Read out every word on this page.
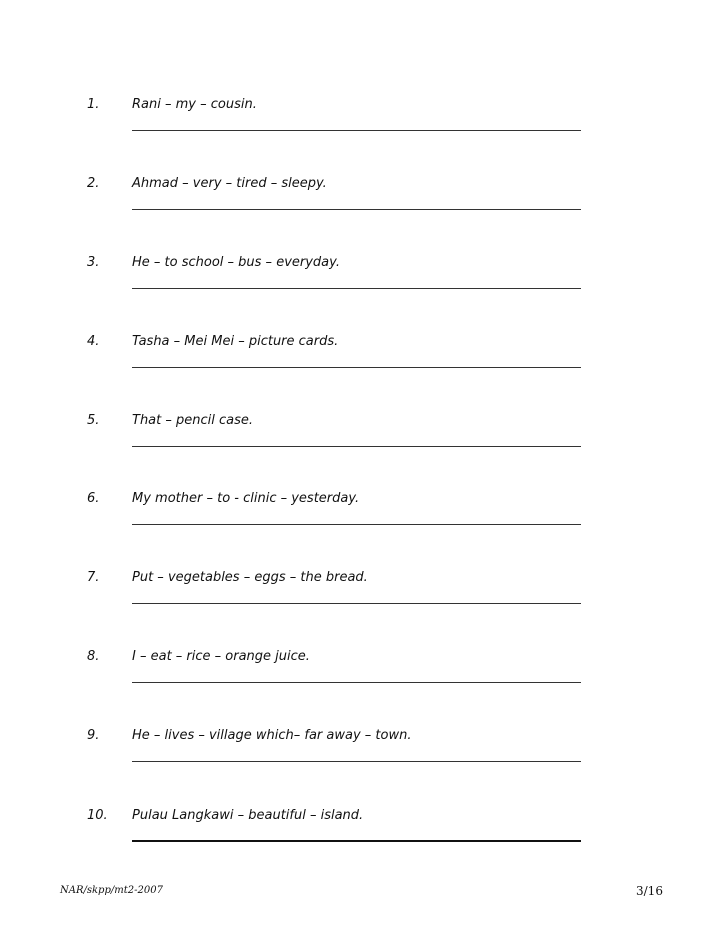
1.	Rani – my – cousin.
2.	Ahmad – very – tired – sleepy.
3.	He – to school – bus – everyday.
4.	Tasha – Mei Mei – picture cards.
5.	That – pencil case.
6.	My mother – to - clinic – yesterday.
7.	Put – vegetables – eggs – the bread.
8.	I – eat – rice – orange juice.
9.	He – lives – village which– far away – town.
10. Pulau Langkawi – beautiful – island.
NAR/skpp/mt2-2007	3/16
